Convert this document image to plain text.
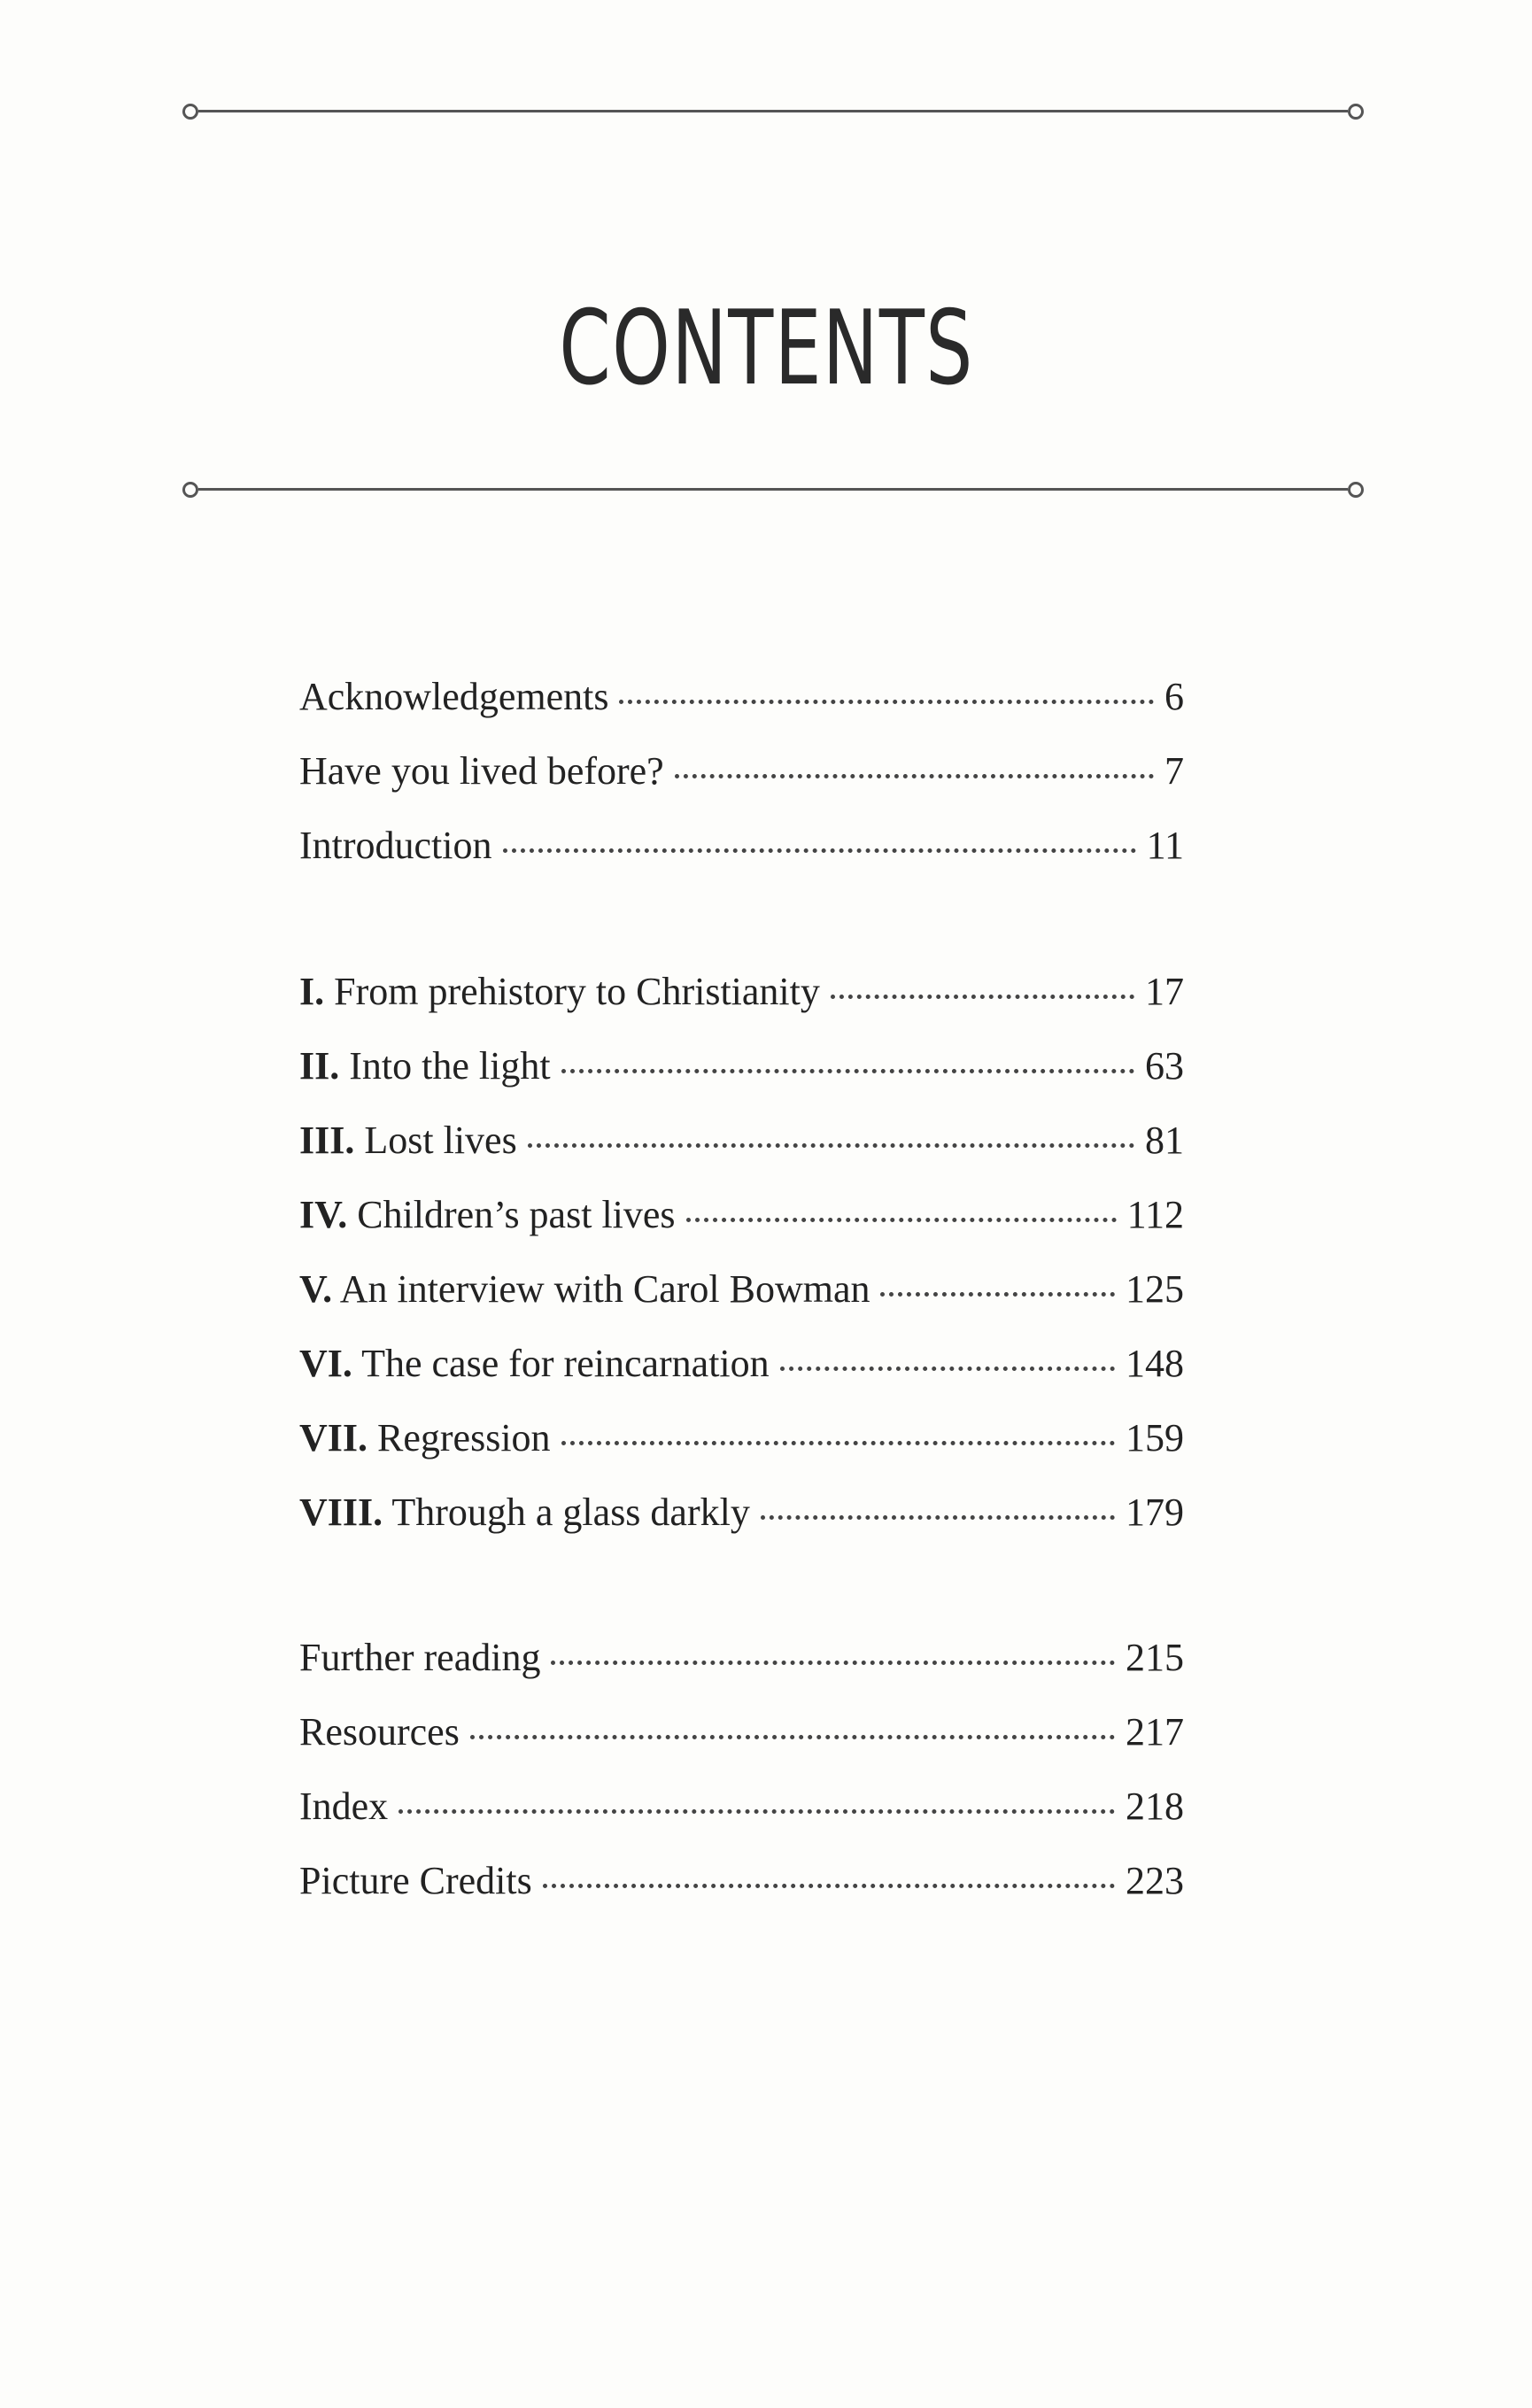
CONTENTS
Acknowledgements	6
Have you lived before?	7
Introduction	11
I. From prehistory to Christianity	17
II. Into the light	63
III. Lost lives	81
IV. Children’s past lives	112
V. An interview with Carol Bowman	125
VI. The case for reincarnation	148
VII. Regression	159
VIII. Through a glass darkly	179
Further reading	215
Resources	217
Index	218
Picture Credits	223
